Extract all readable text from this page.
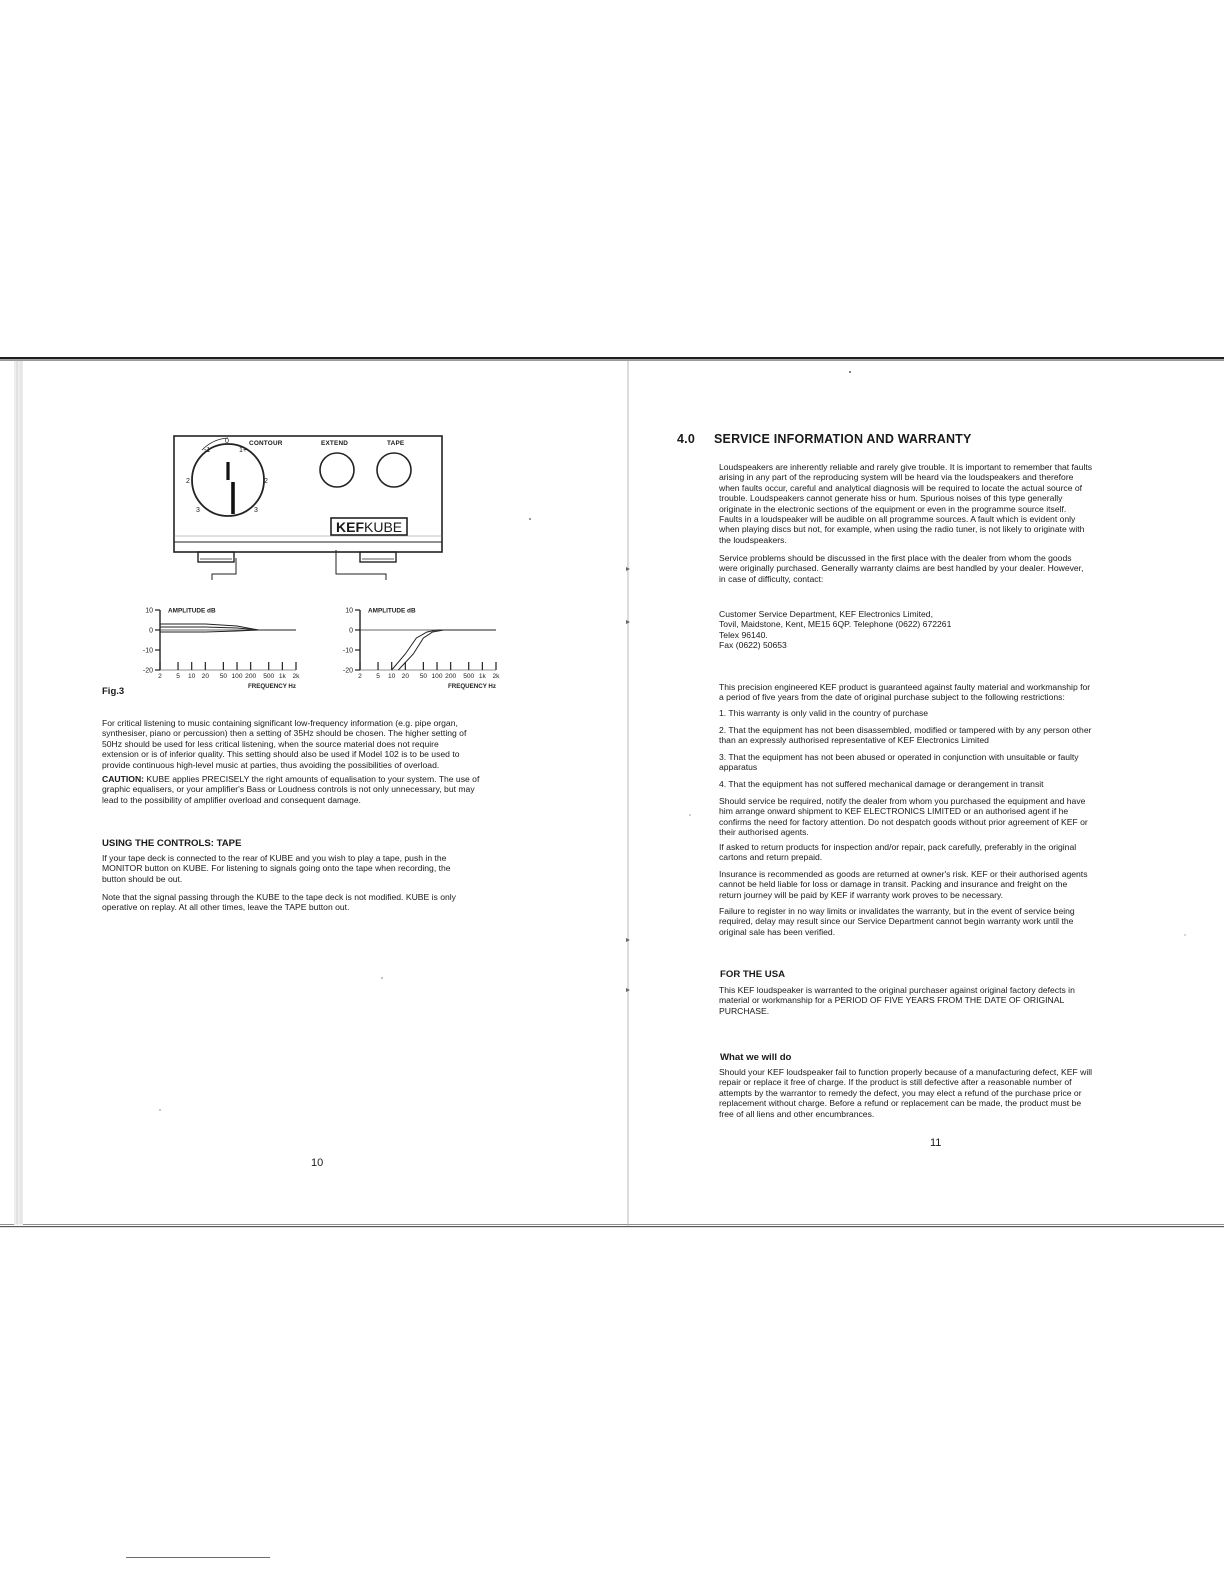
CONTOUR	EXTEND	TAPE
0
1+
-1
2	2
3	3
KEFKUBE
10
0
-10
-20
2 5 10 20 50 100 200 500 1k 2k
AMPLITUDE dB
FREQUENCY Hz
10
0
-10
-20
2 5 10 20 50 100 200 500 1k 2k
AMPLITUDE dB
FREQUENCY Hz
Fig.3
For critical listening to music containing significant low-frequency information (e.g. pipe organ,
synthesiser, piano or percussion) then a setting of 35Hz should be chosen. The higher setting of
50Hz should be used for less critical listening, when the source material does not require
extension or is of inferior quality. This setting should also be used if Model 102 is to be used to
provide continuous high-level music at parties, thus avoiding the possibilities of overload.
CAUTION: KUBE applies PRECISELY the right amounts of equalisation to your system. The use of
graphic equalisers, or your amplifier's Bass or Loudness controls is not only unnecessary, but may
lead to the possibility of amplifier overload and consequent damage.
USING THE CONTROLS: TAPE
If your tape deck is connected to the rear of KUBE and you wish to play a tape, push in the
MONITOR button on KUBE. For listening to signals going onto the tape when recording, the
button should be out.
Note that the signal passing through the KUBE to the tape deck is not modified. KUBE is only
operative on replay. At all other times, leave the TAPE button out.
10
4.0 SERVICE INFORMATION AND WARRANTY
Loudspeakers are inherently reliable and rarely give trouble. It is important to remember that faults
arising in any part of the reproducing system will be heard via the loudspeakers and therefore
when faults occur, careful and analytical diagnosis will be required to locate the actual source of
trouble. Loudspeakers cannot generate hiss or hum. Spurious noises of this type generally
originate in the electronic sections of the equipment or even in the programme source itself.
Faults in a loudspeaker will be audible on all programme sources. A fault which is evident only
when playing discs but not, for example, when using the radio tuner, is not likely to originate with
the loudspeakers.
Service problems should be discussed in the first place with the dealer from whom the goods
were originally purchased. Generally warranty claims are best handled by your dealer. However,
in case of difficulty, contact:
Customer Service Department, KEF Electronics Limited,
Tovil, Maidstone, Kent, ME15 6QP. Telephone (0622) 672261
Telex 96140.
Fax (0622) 50653
This precision engineered KEF product is guaranteed against faulty material and workmanship for
a period of five years from the date of original purchase subject to the following restrictions:
1. This warranty is only valid in the country of purchase
2. That the equipment has not been disassembled, modified or tampered with by any person other
than an expressly authorised representative of KEF Electronics Limited
3. That the equipment has not been abused or operated in conjunction with unsuitable or faulty
apparatus
4. That the equipment has not suffered mechanical damage or derangement in transit
Should service be required, notify the dealer from whom you purchased the equipment and have
him arrange onward shipment to KEF ELECTRONICS LIMITED or an authorised agent if he
confirms the need for factory attention. Do not despatch goods without prior agreement of KEF or
their authorised agents.
If asked to return products for inspection and/or repair, pack carefully, preferably in the original
cartons and return prepaid.
Insurance is recommended as goods are returned at owner's risk. KEF or their authorised agents
cannot be held liable for loss or damage in transit. Packing and insurance and freight on the
return journey will be paid by KEF if warranty work proves to be necessary.
Failure to register in no way limits or invalidates the warranty, but in the event of service being
required, delay may result since our Service Department cannot begin warranty work until the
original sale has been verified.
FOR THE USA
This KEF loudspeaker is warranted to the original purchaser against original factory defects in
material or workmanship for a PERIOD OF FIVE YEARS FROM THE DATE OF ORIGINAL
PURCHASE.
What we will do
Should your KEF loudspeaker fail to function properly because of a manufacturing defect, KEF will
repair or replace it free of charge. If the product is still defective after a reasonable number of
attempts by the warrantor to remedy the defect, you may elect a refund of the purchase price or
replacement without charge. Before a refund or replacement can be made, the product must be
free of all liens and other encumbrances.
11
